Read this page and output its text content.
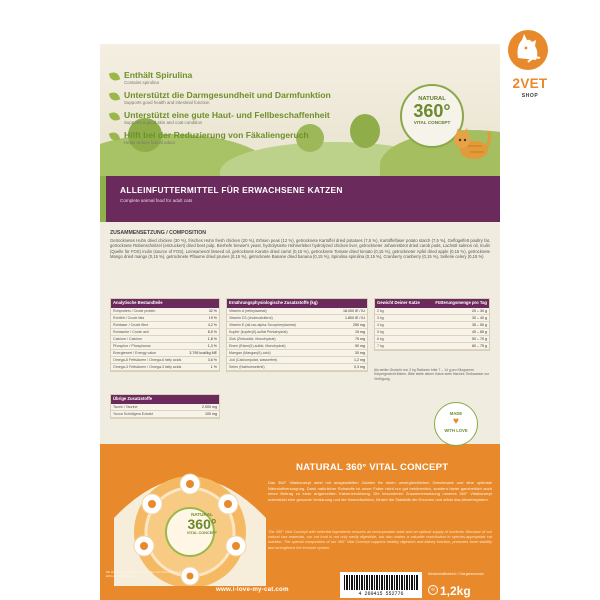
Enthält Spirulina
Contains spirulina
Unterstützt die Darmgesundheit und Darmfunktion
Supports good health and intestinal function
Unterstützt eine gute Haut- und Fellbeschaffenheit
Supports a good skin and coat condition
Hilft bei der Reduzierung von Fäkaliengeruch
Helps reduce faecal odour
NATURAL
360°
VITAL CONCEPT
ALLEINFUTTERMITTEL FÜR ERWACHSENE KATZEN
Complete animal food for adult cats
ZUSAMMENSETZUNG / COMPOSITION
Getrocknetes Huhn dried chicken (30 %), frisches Huhn fresh chicken (20 %), Erbsen peas (12 %), getrocknete Kartoffel dried potatoes (7,5 %), Kartoffelfaser potato starch (7,5 %), Geflügelfett poultry fat, getrocknete Rübenschnitzel (entzuckert) dried beet pulp, Bierhefe brewer's yeast, hydrolysierte Hühnerleber hydrolyzed chicken liver, getrockneter Johannisbrot dried carob pods, Lachsöl salmon oil, Inulin (Quelle für FOS) inulin (source of FOS), Leinsamenöl linseed oil, getrocknete Karotte dried carrot (0,15 %), getrocknete Tomate dried tomato (0,15 %), getrockneter Apfel dried apple (0,15 %), getrocknete Mango dried mango (0,15 %), getrocknete Pflaume dried prunes (0,15 %), getrocknete Banane dried banana (0,15 %), Spirulina spirulina (0,15 %), Cranberry cranberry (0,15 %), Sellerie celery (0,15 %)
Analytische Bestandteile
Rohprotein / Crude protein	32 %
Rohfett / Crude fats	19 %
Rohfaser / Crude fibre	4,2 %
Rohasche / Crude ash	8,5 %
Calcium / Calcium	1,8 %
Phosphor / Phosphorus	1,3 %
Energiewert / Energy value	3.795 kcal/kg ME
Omega-6 Fettsäuren / Omega-6 fatty acids	3,6 %
Omega-3 Fettsäuren / Omega-3 fatty acids	1 %
Ernährungsphysiologische Zusatzstoffe (kg)
Vitamin A (retinylacetat)	18.000 IE / IU
Vitamin D3 (cholecalciferol)	1.800 IE / IU
Vitamin E (all-rac-alpha-Tocopherylacetat)	250 mg
Kupfer (kupfer(II)-sulfat Pentahydrat)	15 mg
Zink (Zinkoxide, Monohydrat)	75 mg
Eisen (Eisen(II)-sulfat, Monohydrat)	90 mg
Mangan (Mangan(II)-oxid)	30 mg
Jod (Calciumjodat, wasserfrei)	1,2 mg
Selen (Natriumselenit)	0,3 mg
Gewicht Deiner Katze	Fütterungsmenge pro Tag
2 kg	20 – 30 g
3 kg	30 – 40 g
4 kg	35 – 50 g
5 kg	40 – 65 g
6 kg	50 – 70 g
7 kg	60 – 75 g
Als weiter Gewicht von 3 kg Rationen bitte 7 – 14 g pro Kilogramm Körpergewicht füttern. Bitte stelle deiner Katze stets frisches Trinkwasser zur Verfügung.
Übrige Zusatzstoffe
Taurin / Taurine	2.000 mg
Yucca Schidigera Extrakt	100 mg
NATURAL
360°
VITAL CONCEPT
MADE
♥
WITH LOVE
NATURAL 360° VITAL CONCEPT
Das 360° Vitalkonzept setzt mit ausgewählten Zutaten für einen unvergleichlichen Geschmack und eine optimale Nährstoffversorgung. Dank natürlicher Rohstoffe ist unser Futter nicht nur gut bekömmlich, sondern bietet ganzheitlich auch einen Beitrag zu einer artgerechten Katzenernährung. Die besonderen Zusammensetzung unseres 360° Vitalkonzept unterstützt eine gesunde Verdauung und die Harnorfunktion, fördert die Stabilität der Knochen und stärkt das Abwehrsystem.
The 360° Vital Concept with selected ingredients ensures an incomparable taste and an optimal supply of nutrients. Because of our natural raw materials, our cat food is not only easily digestible, but also makes a valuable contribution to species-appropriate cat nutrition. The special composition of our 360° Vital Concept supports healthy digestion and kidney function, promotes bone stability and strengthens the immune system.
Mit Omega- und Zubereitungsstoffen. Vor Feuchtigkeit schützen, kühl und trocken lagern.
www.i-love-my-cat.com
4 260415 552776
Mindesthaltbarkeit / Chargennummer
℮ 1,2kg
2VET
SHOP
